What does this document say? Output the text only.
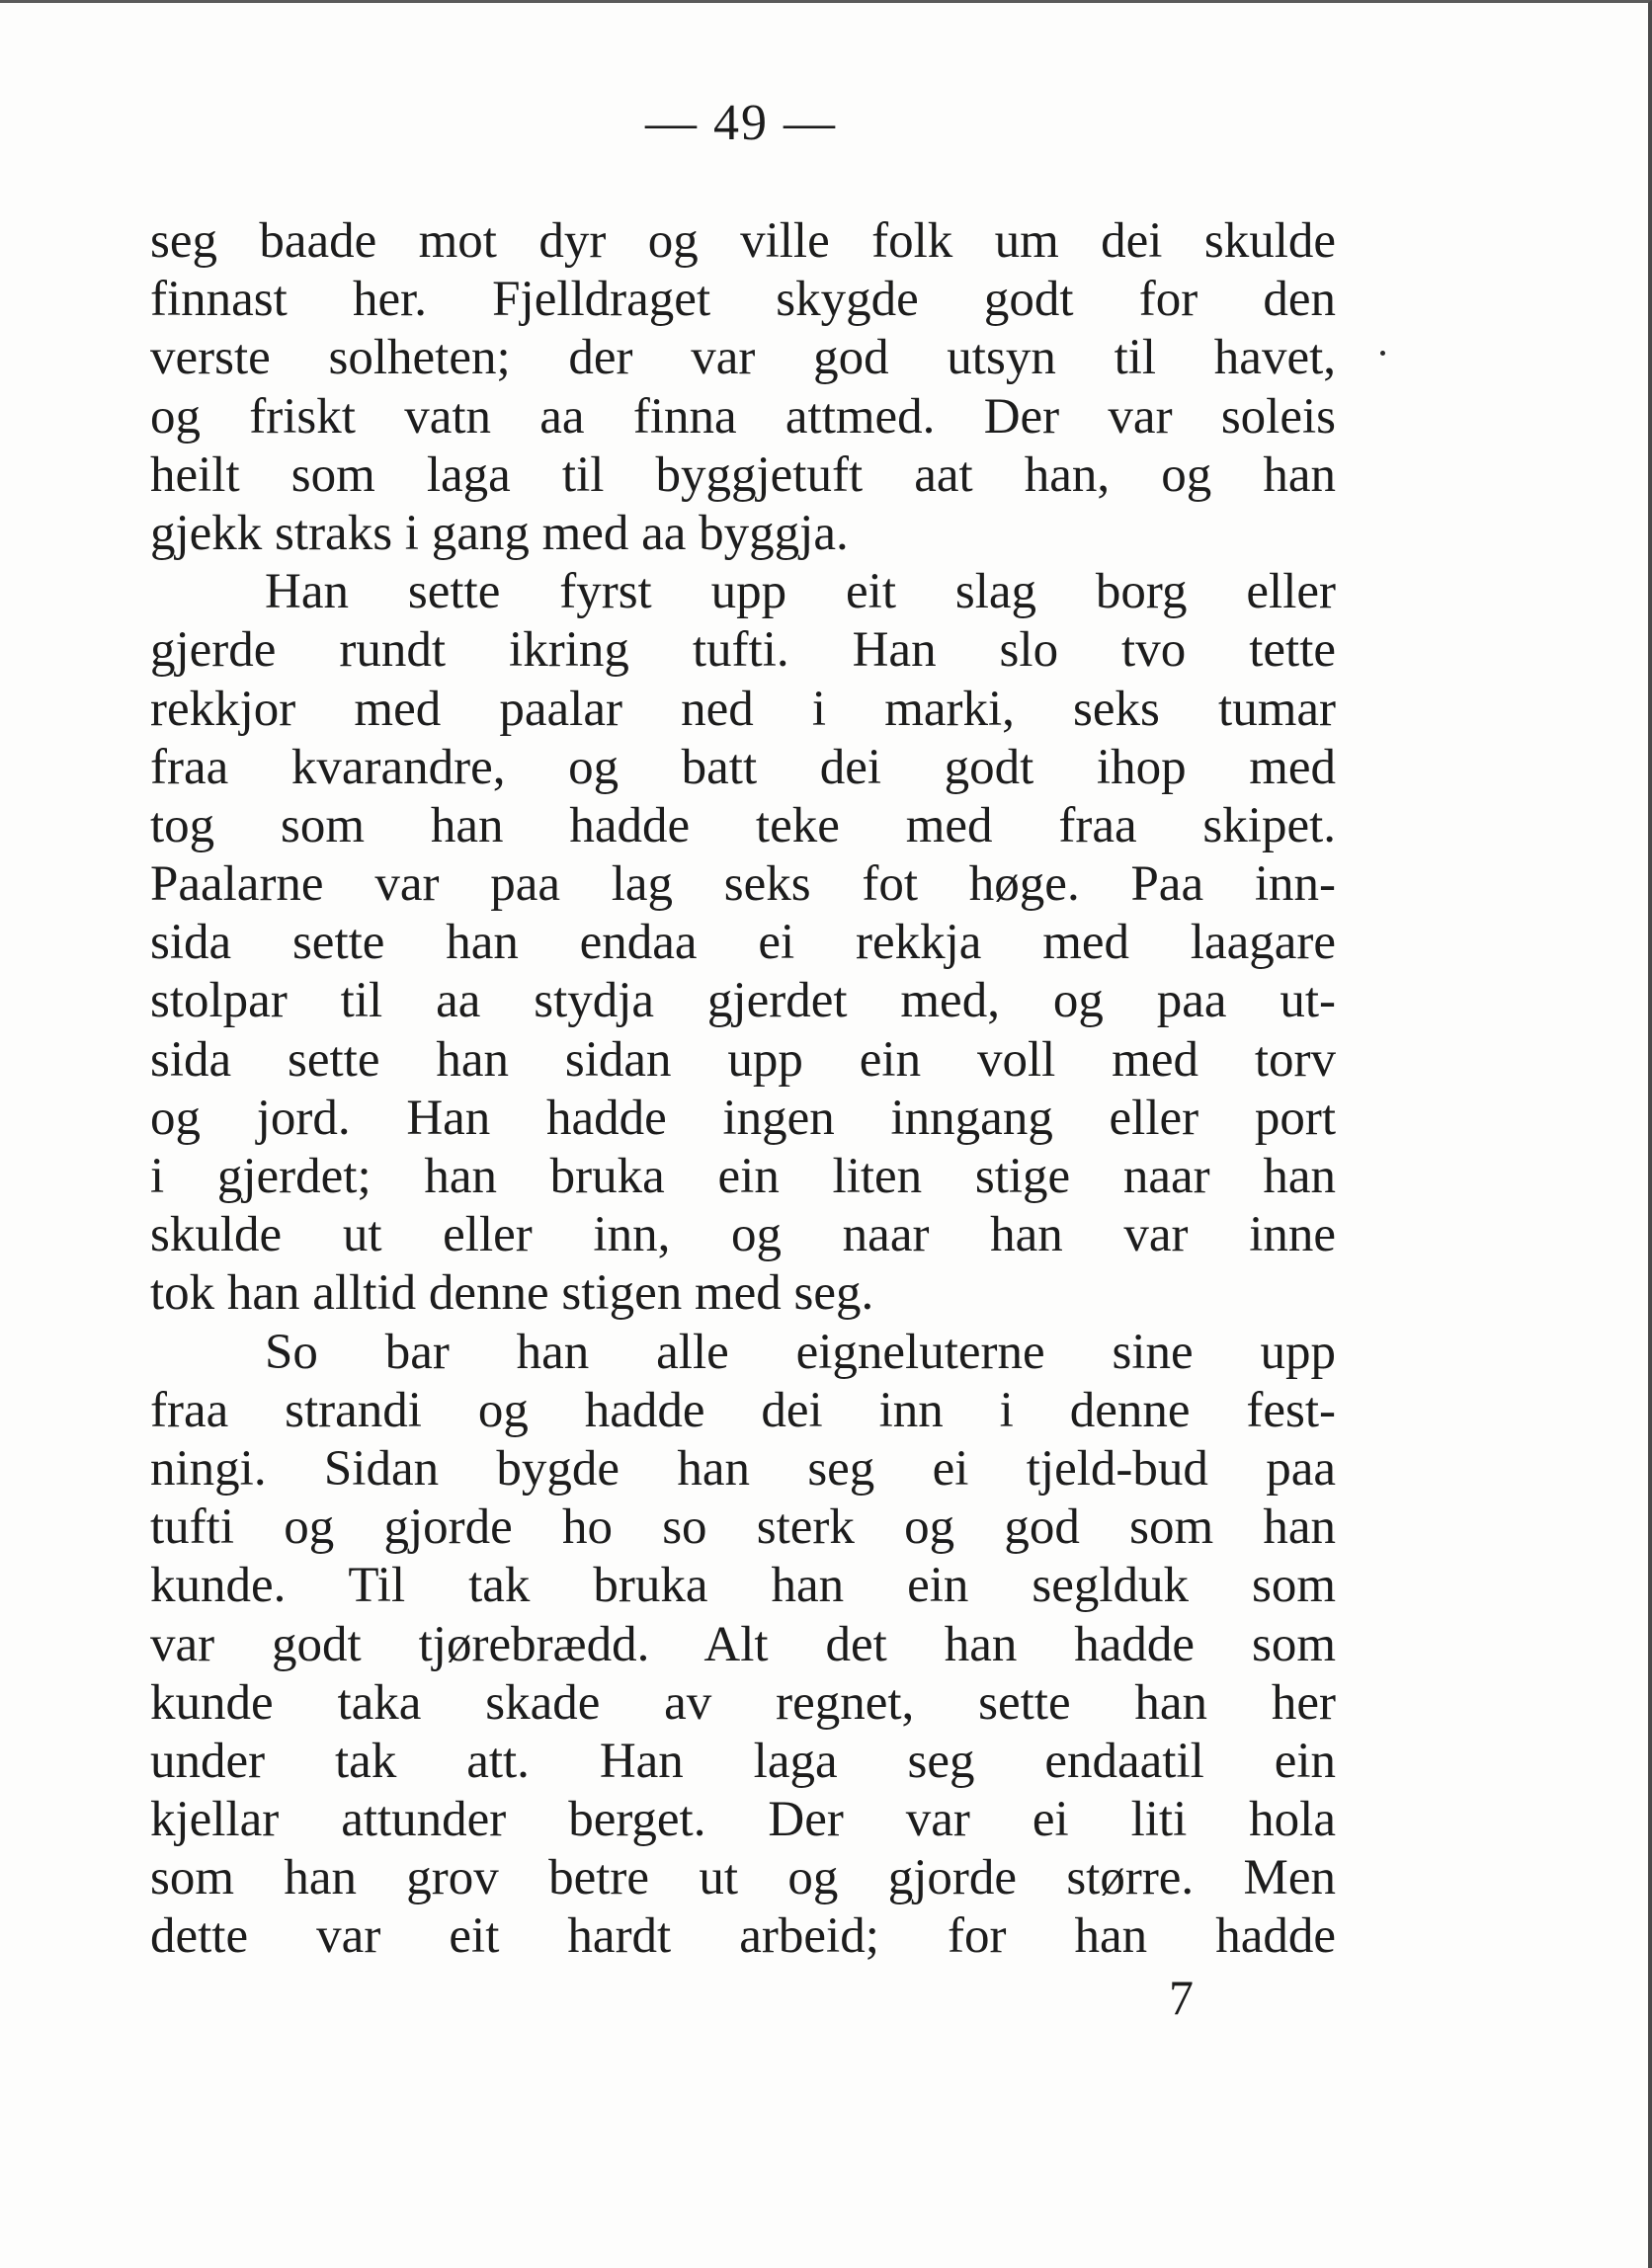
— 49 —
seg baade mot dyr og ville folk um dei skulde
finnast her. Fjelldraget skygde godt for den
verste solheten; der var god utsyn til havet,
og friskt vatn aa finna attmed. Der var soleis
heilt som laga til byggjetuft aat han, og han
gjekk straks i gang med aa byggja.
Han sette fyrst upp eit slag borg eller
gjerde rundt ikring tufti. Han slo tvo tette
rekkjor med paalar ned i marki, seks tumar
fraa kvarandre, og batt dei godt ihop med
tog som han hadde teke med fraa skipet.
Paalarne var paa lag seks fot høge. Paa inn-
sida sette han endaa ei rekkja med laagare
stolpar til aa stydja gjerdet med, og paa ut-
sida sette han sidan upp ein voll med torv
og jord. Han hadde ingen inngang eller port
i gjerdet; han bruka ein liten stige naar han
skulde ut eller inn, og naar han var inne
tok han alltid denne stigen med seg.
So bar han alle eigneluterne sine upp
fraa strandi og hadde dei inn i denne fest-
ningi. Sidan bygde han seg ei tjeld-bud paa
tufti og gjorde ho so sterk og god som han
kunde. Til tak bruka han ein seglduk som
var godt tjørebrædd. Alt det han hadde som
kunde taka skade av regnet, sette han her
under tak att. Han laga seg endaatil ein
kjellar attunder berget. Der var ei liti hola
som han grov betre ut og gjorde større. Men
dette var eit hardt arbeid; for han hadde
7
